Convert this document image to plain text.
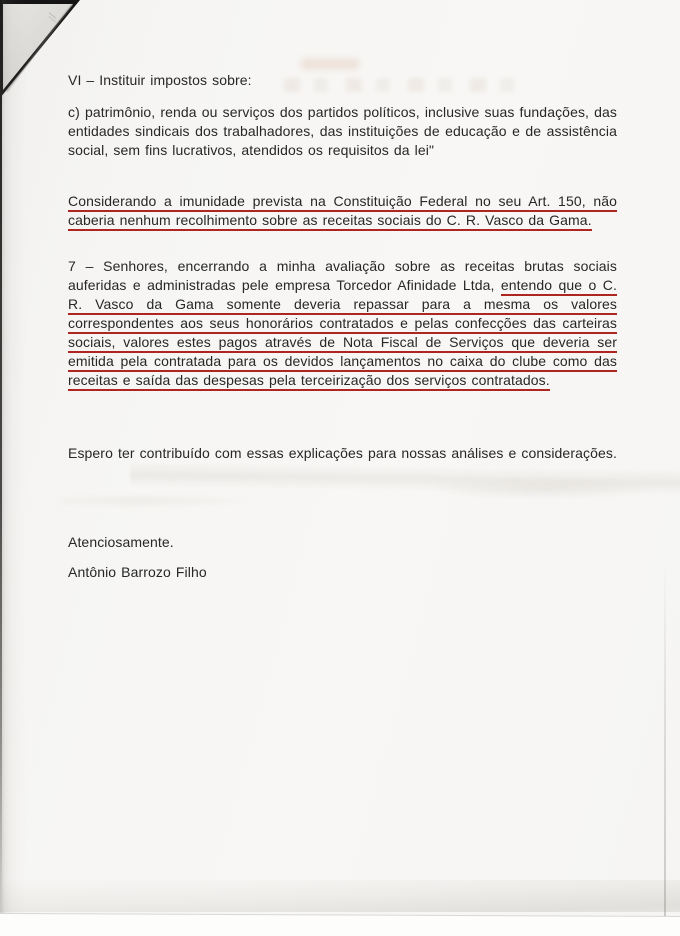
VI – Instituir impostos sobre:

c) patrimônio, renda ou serviços dos partidos políticos, inclusive suas fundações, das entidades sindicais dos trabalhadores, das instituições de educação e de assistência social, sem fins lucrativos, atendidos os requisitos da lei"

Considerando a imunidade prevista na Constituição Federal no seu Art. 150, não caberia nenhum recolhimento sobre as receitas sociais do C. R. Vasco da Gama.

7 – Senhores, encerrando a minha avaliação sobre as receitas brutas sociais auferidas e administradas pele empresa Torcedor Afinidade Ltda, entendo que o C. R. Vasco da Gama somente deveria repassar para a mesma os valores correspondentes aos seus honorários contratados e pelas confecções das carteiras sociais, valores estes pagos através de Nota Fiscal de Serviços que deveria ser emitida pela contratada para os devidos lançamentos no caixa do clube como das receitas e saída das despesas pela terceirização dos serviços contratados.

Espero ter contribuído com essas explicações para nossas análises e considerações.

Atenciosamente.

Antônio Barrozo Filho
